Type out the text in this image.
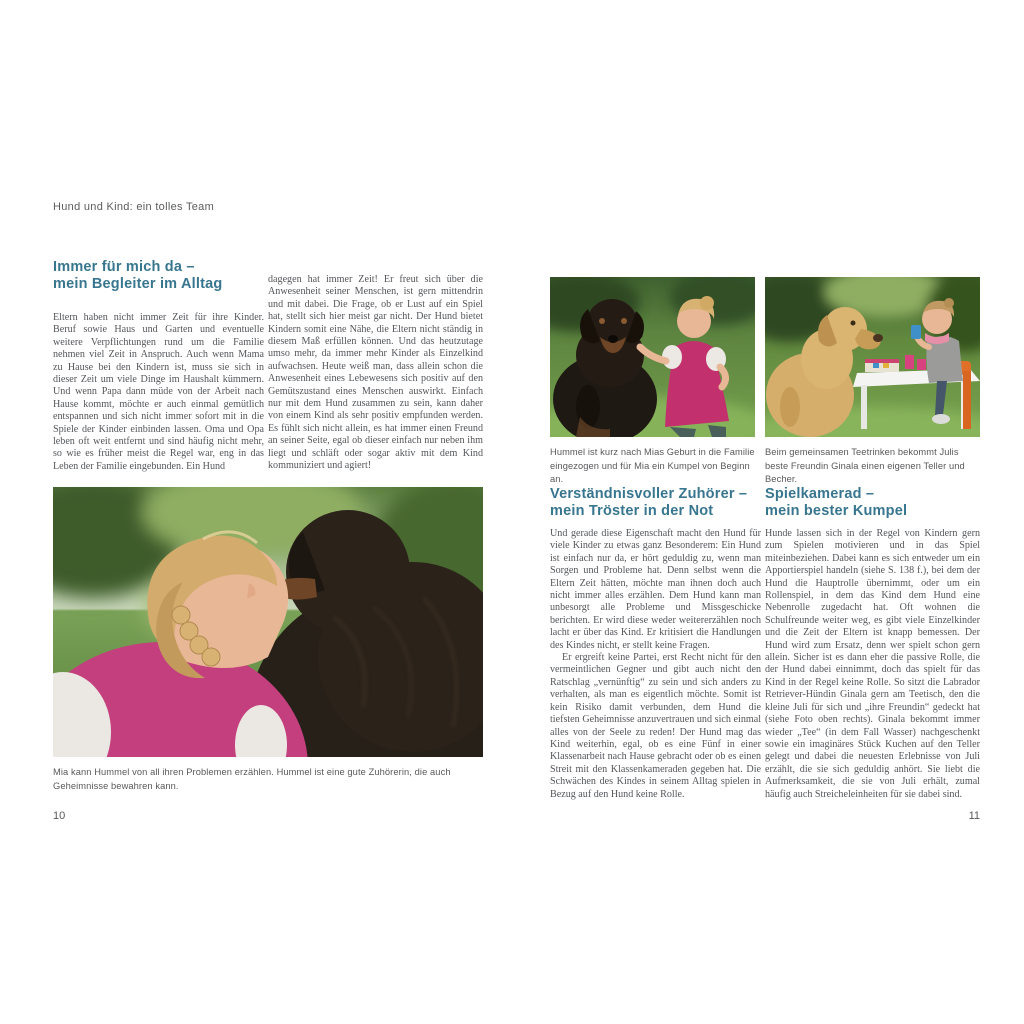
Hund und Kind: ein tolles Team
Immer für mich da –
mein Begleiter im Alltag

Eltern haben nicht immer Zeit für ihre Kinder. Beruf sowie Haus und Garten und eventuelle weitere Verpflichtungen rund um die Familie nehmen viel Zeit in Anspruch. Auch wenn Mama zu Hause bei den Kindern ist, muss sie sich in dieser Zeit um viele Dinge im Haushalt kümmern. Und wenn Papa dann müde von der Arbeit nach Hause kommt, möchte er auch einmal gemütlich entspannen und sich nicht immer sofort mit in die Spiele der Kinder einbinden lassen. Oma und Opa leben oft weit entfernt und sind häufig nicht mehr, so wie es früher meist die Regel war, eng in das Leben der Familie eingebunden. Ein Hund

dagegen hat immer Zeit! Er freut sich über die Anwesenheit seiner Menschen, ist gern mittendrin und mit dabei. Die Frage, ob er Lust auf ein Spiel hat, stellt sich hier meist gar nicht. Der Hund bietet Kindern somit eine Nähe, die Eltern nicht ständig in diesem Maß erfüllen können. Und das heutzutage umso mehr, da immer mehr Kinder als Einzelkind aufwachsen. Heute weiß man, dass allein schon die Anwesenheit eines Lebewesens sich positiv auf den Gemütszustand eines Menschen auswirkt. Einfach nur mit dem Hund zusammen zu sein, kann daher von einem Kind als sehr positiv empfunden werden. Es fühlt sich nicht allein, es hat immer einen Freund an seiner Seite, egal ob dieser einfach nur neben ihm liegt und schläft oder sogar aktiv mit dem Kind kommuniziert und agiert!

Mia kann Hummel von all ihren Problemen erzählen. Hummel ist eine gute Zuhörerin, die auch Geheimnisse bewahren kann.
10
Hummel ist kurz nach Mias Geburt in die Familie eingezogen und für Mia ein Kumpel von Beginn an.
Beim gemeinsamen Teetrinken bekommt Julis beste Freundin Ginala einen eigenen Teller und Becher.
Verständnisvoller Zuhörer –
mein Tröster in der Not
Spielkamerad –
mein bester Kumpel

Und gerade diese Eigenschaft macht den Hund für viele Kinder zu etwas ganz Besonderem: Ein Hund ist einfach nur da, er hört geduldig zu, wenn man Sorgen und Probleme hat. Denn selbst wenn die Eltern Zeit hätten, möchte man ihnen doch auch nicht immer alles erzählen. Dem Hund kann man unbesorgt alle Probleme und Missgeschicke berichten. Er wird diese weder weitererzählen noch lacht er über das Kind. Er kritisiert die Handlungen des Kindes nicht, er stellt keine Fragen.

Er ergreift keine Partei, erst Recht nicht für den vermeintlichen Gegner und gibt auch nicht den Ratschlag „vernünftig“ zu sein und sich anders zu verhalten, als man es eigentlich möchte. Somit ist kein Risiko damit verbunden, dem Hund die tiefsten Geheimnisse anzuvertrauen und sich einmal alles von der Seele zu reden! Der Hund mag das Kind weiterhin, egal, ob es eine Fünf in einer Klassenarbeit nach Hause gebracht oder ob es einen Streit mit den Klassenkameraden gegeben hat. Die Schwächen des Kindes in seinem Alltag spielen in Bezug auf den Hund keine Rolle.

Hunde lassen sich in der Regel von Kindern gern zum Spielen motivieren und in das Spiel miteinbeziehen. Dabei kann es sich entweder um ein Apportierspiel handeln (siehe S. 138 f.), bei dem der Hund die Hauptrolle übernimmt, oder um ein Rollenspiel, in dem das Kind dem Hund eine Nebenrolle zugedacht hat. Oft wohnen die Schulfreunde weiter weg, es gibt viele Einzelkinder und die Zeit der Eltern ist knapp bemessen. Der Hund wird zum Ersatz, denn wer spielt schon gern allein. Sicher ist es dann eher die passive Rolle, die der Hund dabei einnimmt, doch das spielt für das Kind in der Regel keine Rolle. So sitzt die Labrador Retriever-Hündin Ginala gern am Teetisch, den die kleine Juli für sich und „ihre Freundin“ gedeckt hat (siehe Foto oben rechts). Ginala bekommt immer wieder „Tee“ (in dem Fall Wasser) nachgeschenkt sowie ein imaginäres Stück Kuchen auf den Teller gelegt und dabei die neuesten Erlebnisse von Juli erzählt, die sie sich geduldig anhört. Sie liebt die Aufmerksamkeit, die sie von Juli erhält, zumal häufig auch Streicheleinheiten für sie dabei sind.

11
